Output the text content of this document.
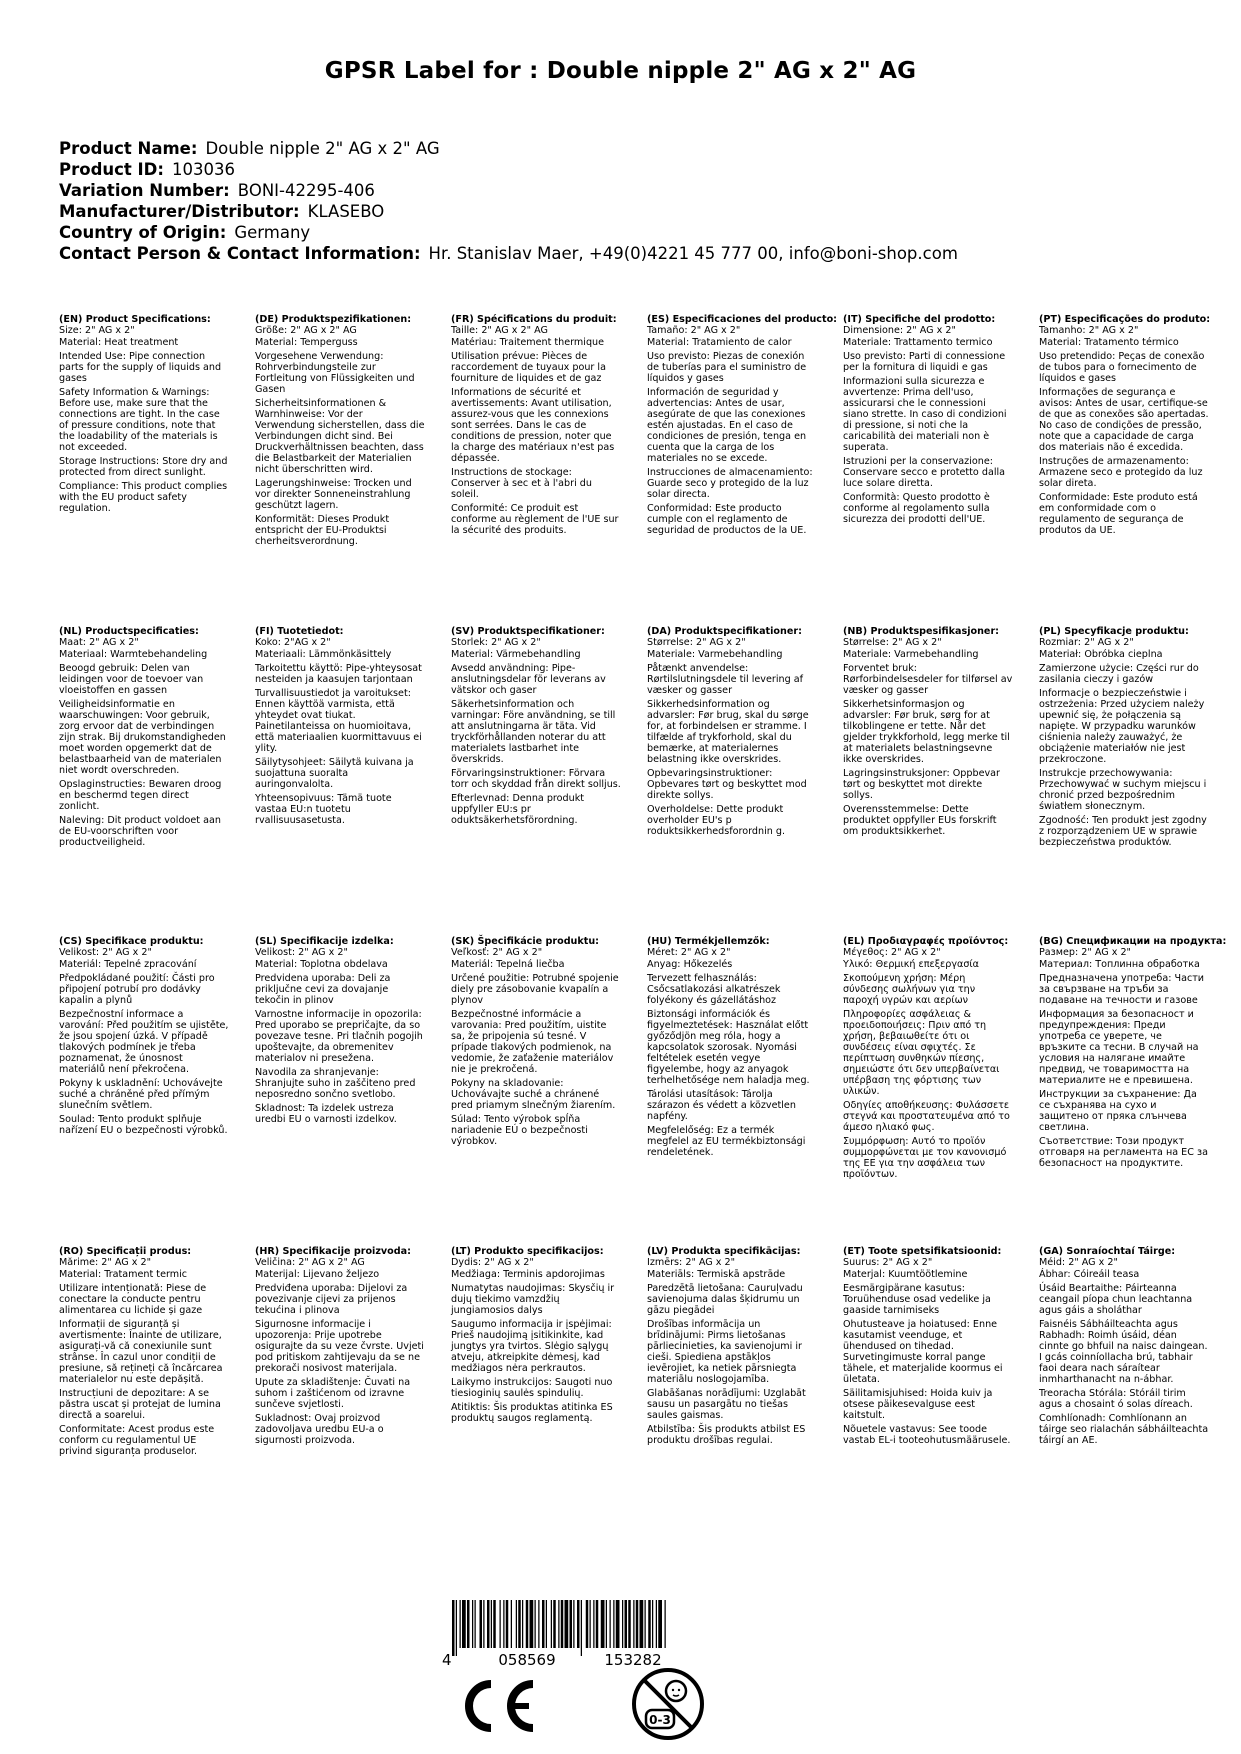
GPSR Label for : Double nipple 2" AG x 2" AG
Product Name: Double nipple 2" AG x 2" AG
Product ID: 103036
Variation Number: BONI-42295-406
Manufacturer/Distributor: KLASEBO
Country of Origin: Germany
Contact Person & Contact Information: Hr. Stanislav Maer, +49(0)4221 45 777 00, info@boni-shop.com
(EN) Product Specifications:
Size: 2" AG x 2"

Material: Heat treatment

Intended Use: Pipe connection parts for the supply of liquids and gases

Safety Information & Warnings: Before use, make sure that the connections are tight. In the case of pressure conditions, note that the loadability of the materials is not exceeded.

Storage Instructions: Store dry and protected from direct sunlight.

Compliance: This product complies with the EU product safety regulation.

(DE) Produktspezifikationen:
Größe: 2" AG x 2" AG

Material: Temperguss

Vorgesehene Verwendung: Rohrverbindungsteile zur Fortleitung von Flüssigkeiten und Gasen

Sicherheitsinformationen & Warnhinweise: Vor der Verwendung sicherstellen, dass die Verbindungen dicht sind. Bei Druckverhältnissen beachten, dass die Belastbarkeit der Materialien nicht überschritten wird.

Lagerungshinweise: Trocken und vor direkter Sonneneinstrahlung geschützt lagern.

Konformität: Dieses Produkt entspricht der EU-Produktsi cherheitsverordnung.

(FR) Spécifications du produit:
Taille: 2" AG x 2" AG

Matériau: Traitement thermique

Utilisation prévue: Pièces de raccordement de tuyaux pour la fourniture de liquides et de gaz

Informations de sécurité et avertissements: Avant utilisation, assurez-vous que les connexions sont serrées. Dans le cas de conditions de pression, noter que la charge des matériaux n'est pas dépassée.

Instructions de stockage: Conserver à sec et à l'abri du soleil.

Conformité: Ce produit est conforme au règlement de l'UE sur la sécurité des produits.

(ES) Especificaciones del producto:
Tamaño: 2" AG x 2"

Material: Tratamiento de calor

Uso previsto: Piezas de conexión de tuberías para el suministro de líquidos y gases

Información de seguridad y advertencias: Antes de usar, asegúrate de que las conexiones estén ajustadas. En el caso de condiciones de presión, tenga en cuenta que la carga de los materiales no se excede.

Instrucciones de almacenamiento: Guarde seco y protegido de la luz solar directa.

Conformidad: Este producto cumple con el reglamento de seguridad de productos de la UE.

(IT) Specifiche del prodotto:
Dimensione: 2" AG x 2"

Materiale: Trattamento termico

Uso previsto: Parti di connessione per la fornitura di liquidi e gas

Informazioni sulla sicurezza e avvertenze: Prima dell'uso, assicurarsi che le connessioni siano strette. In caso di condizioni di pressione, si noti che la caricabilità dei materiali non è superata.

Istruzioni per la conservazione: Conservare secco e protetto dalla luce solare diretta.

Conformità: Questo prodotto è conforme al regolamento sulla sicurezza dei prodotti dell'UE.

(PT) Especificações do produto:
Tamanho: 2" AG x 2"

Material: Tratamento térmico

Uso pretendido: Peças de conexão de tubos para o fornecimento de líquidos e gases

Informações de segurança e avisos: Antes de usar, certifique-se de que as conexões são apertadas. No caso de condições de pressão, note que a capacidade de carga dos materiais não é excedida.

Instruções de armazenamento: Armazene seco e protegido da luz solar direta.

Conformidade: Este produto está em conformidade com o regulamento de segurança de produtos da UE.

(NL) Productspecificaties:
Maat: 2" AG x 2"

Materiaal: Warmtebehandeling

Beoogd gebruik: Delen van leidingen voor de toevoer van vloeistoffen en gassen

Veiligheidsinformatie en waarschuwingen: Voor gebruik, zorg ervoor dat de verbindingen zijn strak. Bij drukomstandigheden moet worden opgemerkt dat de belastbaarheid van de materialen niet wordt overschreden.

Opslaginstructies: Bewaren droog en beschermd tegen direct zonlicht.

Naleving: Dit product voldoet aan de EU-voorschriften voor productveiligheid.

(FI) Tuotetiedot:
Koko: 2"AG x 2"

Materiaali: Lämmönkäsittely

Tarkoitettu käyttö: Pipe-yhteysosat nesteiden ja kaasujen tarjontaan

Turvallisuustiedot ja varoitukset: Ennen käyttöä varmista, että yhteydet ovat tiukat. Painetilanteissa on huomioitava, että materiaalien kuormittavuus ei ylity.

Säilytysohjeet: Säilytä kuivana ja suojattuna suoralta auringonvalolta.

Yhteensopivuus: Tämä tuote vastaa EU:n tuotetu rvallisuusasetusta.

(SV) Produktspecifikationer:
Storlek: 2" AG x 2"

Material: Värmebehandling

Avsedd användning: Pipe-anslutningsdelar för leverans av vätskor och gaser

Säkerhetsinformation och varningar: Före användning, se till att anslutningarna är täta. Vid tryckförhållanden noterar du att materialets lastbarhet inte överskrids.

Förvaringsinstruktioner: Förvara torr och skyddad från direkt solljus.

Efterlevnad: Denna produkt uppfyller EU:s pr oduktsäkerhetsförordning.

(DA) Produktspecifikationer:
Størrelse: 2" AG x 2"

Materiale: Varmebehandling

Påtænkt anvendelse: Rørtilslutningsdele til levering af væsker og gasser

Sikkerhedsinformation og advarsler: Før brug, skal du sørge for, at forbindelsen er stramme. I tilfælde af trykforhold, skal du bemærke, at materialernes belastning ikke overskrides.

Opbevaringsinstruktioner: Opbevares tørt og beskyttet mod direkte sollys.

Overholdelse: Dette produkt overholder EU's p roduktsikkerhedsforordnin g.

(NB) Produktspesifikasjoner:
Størrelse: 2" AG x 2"

Materiale: Varmebehandling

Forventet bruk: Rørforbindelsesdeler for tilførsel av væsker og gasser

Sikkerhetsinformasjon og advarsler: Før bruk, sørg for at tilkoblingene er tette. Når det gjelder trykkforhold, legg merke til at materialets belastningsevne ikke overskrides.

Lagringsinstruksjoner: Oppbevar tørt og beskyttet mot direkte sollys.

Overensstemmelse: Dette produktet oppfyller EUs forskrift om produktsikkerhet.

(PL) Specyfikacje produktu:
Rozmiar: 2" AG x 2"

Materiał: Obróbka cieplna

Zamierzone użycie: Części rur do zasilania cieczy i gazów

Informacje o bezpieczeństwie i ostrzeżenia: Przed użyciem należy upewnić się, że połączenia są napięte. W przypadku warunków ciśnienia należy zauważyć, że obciążenie materiałów nie jest przekroczone.

Instrukcje przechowywania: Przechowywać w suchym miejscu i chronić przed bezpośrednim światłem słonecznym.

Zgodność: Ten produkt jest zgodny z rozporządzeniem UE w sprawie bezpieczeństwa produktów.

(CS) Specifikace produktu:
Velikost: 2" AG x 2"

Materiál: Tepelné zpracování

Předpokládané použití: Části pro připojení potrubí pro dodávky kapalin a plynů

Bezpečnostní informace a varování: Před použitím se ujistěte, že jsou spojení úzká. V případě tlakových podmínek je třeba poznamenat, že únosnost materiálů není překročena.

Pokyny k uskladnění: Uchovávejte suché a chráněné před přímým slunečním světlem.

Soulad: Tento produkt splňuje nařízení EU o bezpečnosti výrobků.

(SL) Specifikacije izdelka:
Velikost: 2" AG x 2"

Material: Toplotna obdelava

Predvidena uporaba: Deli za priključne cevi za dovajanje tekočin in plinov

Varnostne informacije in opozorila: Pred uporabo se prepričajte, da so povezave tesne. Pri tlačnih pogojih upoštevajte, da obremenitev materialov ni presežena.

Navodila za shranjevanje: Shranjujte suho in zaščiteno pred neposredno sončno svetlobo.

Skladnost: Ta izdelek ustreza uredbi EU o varnosti izdelkov.

(SK) Špecifikácie produktu:
Veľkosť: 2" AG x 2"

Materiál: Tepelná liečba

Určené použitie: Potrubné spojenie diely pre zásobovanie kvapalín a plynov

Bezpečnostné informácie a varovania: Pred použitím, uistite sa, že pripojenia sú tesné. V prípade tlakových podmienok, na vedomie, že zaťaženie materiálov nie je prekročená.

Pokyny na skladovanie: Uchovávajte suché a chránené pred priamym slnečným žiarením.

Súlad: Tento výrobok spĺňa nariadenie EÚ o bezpečnosti výrobkov.

(HU) Termékjellemzők:
Méret: 2" AG x 2"

Anyag: Hőkezelés

Tervezett felhasználás: Csőcsatlakozási alkatrészek folyékony és gázellátáshoz

Biztonsági információk és figyelmeztetések: Használat előtt győződjön meg róla, hogy a kapcsolatok szorosak. Nyomási feltételek esetén vegye figyelembe, hogy az anyagok terhelhetősége nem haladja meg.

Tárolási utasítások: Tárolja szárazon és védett a közvetlen napfény.

Megfelelőség: Ez a termék megfelel az EU termékbiztonsági rendeletének.

(EL) Προδιαγραφές προϊόντος:
Μέγεθος: 2" AG x 2"

Υλικό: Θερμική επεξεργασία

Σκοπούμενη χρήση: Μέρη σύνδεσης σωλήνων για την παροχή υγρών και αερίων

Πληροφορίες ασφάλειας & προειδοποιήσεις: Πριν από τη χρήση, βεβαιωθείτε ότι οι συνδέσεις είναι σφιχτές. Σε περίπτωση συνθηκών πίεσης, σημειώστε ότι δεν υπερβαίνεται υπέρβαση της φόρτισης των υλικών.

Οδηγίες αποθήκευσης: Φυλάσσετε στεγνά και προστατευμένα από το άμεσο ηλιακό φως.

Συμμόρφωση: Αυτό το προϊόν συμμορφώνεται με τον κανονισμό της ΕΕ για την ασφάλεια των προϊόντων.

(BG) Спецификации на продукта:
Размер: 2" AG x 2"

Материал: Топлинна обработка

Предназначена употреба: Части за свързване на тръби за подаване на течности и газове

Информация за безопасност и предупреждения: Преди употреба се уверете, че връзките са тесни. В случай на условия на налягане имайте предвид, че товаримостта на материалите не е превишена.

Инструкции за съхранение: Да се съхранява на сухо и защитено от пряка слънчева светлина.

Съответствие: Този продукт отговаря на регламента на ЕС за безопасност на продуктите.

(RO) Specificații produs:
Mărime: 2" AG x 2"

Material: Tratament termic

Utilizare intenționată: Piese de conectare la conducte pentru alimentarea cu lichide și gaze

Informații de siguranță și avertismente: Înainte de utilizare, asigurați-vă că conexiunile sunt strânse. În cazul unor condiții de presiune, să rețineți că încărcarea materialelor nu este depășită.

Instrucțiuni de depozitare: A se păstra uscat și protejat de lumina directă a soarelui.

Conformitate: Acest produs este conform cu regulamentul UE privind siguranța produselor.

(HR) Specifikacije proizvoda:
Veličina: 2" AG x 2" AG

Materijal: Lijevano željezo

Predviđena uporaba: Dijelovi za povezivanje cijevi za prijenos tekućina i plinova

Sigurnosne informacije i upozorenja: Prije upotrebe osigurajte da su veze čvrste. Uvjeti pod pritiskom zahtijevaju da se ne prekorači nosivost materijala.

Upute za skladištenje: Čuvati na suhom i zaštićenom od izravne sunčeve svjetlosti.

Sukladnost: Ovaj proizvod zadovoljava uredbu EU-a o sigurnosti proizvoda.

(LT) Produkto specifikacijos:
Dydis: 2" AG x 2"

Medžiaga: Terminis apdorojimas

Numatytas naudojimas: Skysčių ir dujų tiekimo vamzdžių jungiamosios dalys

Saugumo informacija ir įspėjimai: Prieš naudojimą įsitikinkite, kad jungtys yra tvirtos. Slėgio sąlygų atveju, atkreipkite dėmesį, kad medžiagos nėra perkrautos.

Laikymo instrukcijos: Saugoti nuo tiesioginių saulės spindulių.

Atitiktis: Šis produktas atitinka ES produktų saugos reglamentą.

(LV) Produkta specifikācijas:
Izmērs: 2" AG x 2"

Materiāls: Termiskā apstrāde

Paredzētā lietošana: Cauruļvadu savienojuma dalas šķidrumu un gāzu piegādei

Drošības informācija un brīdinājumi: Pirms lietošanas pārliecinieties, ka savienojumi ir cieši. Spiediena apstākļos ievērojiet, ka netiek pārsniegta materiālu noslogojamība.

Glabāšanas norādījumi: Uzglabāt sausu un pasargātu no tiešas saules gaismas.

Atbilstība: Šis produkts atbilst ES produktu drošības regulai.

(ET) Toote spetsifikatsioonid:
Suurus: 2" AG x 2"

Materjal: Kuumtöötlemine

Eesmärgipärane kasutus: Toruühenduse osad vedelike ja gaaside tarnimiseks

Ohutusteave ja hoiatused: Enne kasutamist veenduge, et ühendused on tihedad. Survetingimuste korral pange tähele, et materjalide koormus ei ületata.

Säilitamisjuhised: Hoida kuiv ja otsese päikesevalguse eest kaitstult.

Nõuetele vastavus: See toode vastab EL-i tooteohutusmäärusele.

(GA) Sonraíochtaí Táirge:
Méid: 2" AG x 2"

Ábhar: Cóireáil teasa

Úsáid Beartaithe: Páirteanna ceangail píopa chun leachtanna agus gáis a sholáthar

Faisnéis Sábháilteachta agus Rabhadh: Roimh úsáid, déan cinnte go bhfuil na naisc daingean. I gcás coinníollacha brú, tabhair faoi deara nach sáraítear inmharthanacht na n-ábhar.

Treoracha Stórála: Stóráil tirim agus a chosaint ó solas díreach.

Comhlíonadh: Comhlíonann an táirge seo rialachán sábháilteachta táirgí an AE.

4	058569	153282
0-3
